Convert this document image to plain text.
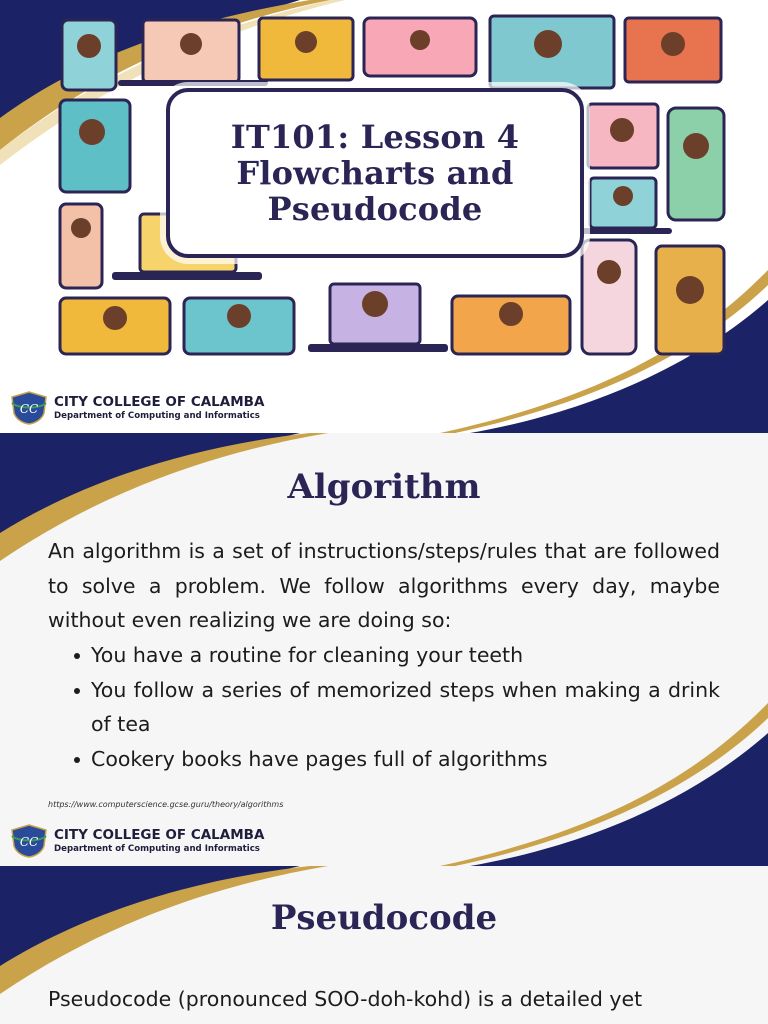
IT101: Lesson 4
Flowcharts and
Pseudocode
CC CITY COLLEGE OF CALAMBA
Department of Computing and Informatics
Algorithm

An algorithm is a set of instructions/steps/rules that are followed to solve a problem. We follow algorithms every day, maybe without even realizing we are doing so:

You have a routine for cleaning your teeth
You follow a series of memorized steps when making a drink of tea
Cookery books have pages full of algorithms
https://www.computerscience.gcse.guru/theory/algorithms
CC CITY COLLEGE OF CALAMBA
Department of Computing and Informatics
Pseudocode

Pseudocode (pronounced SOO-doh-kohd) is a detailed yet
